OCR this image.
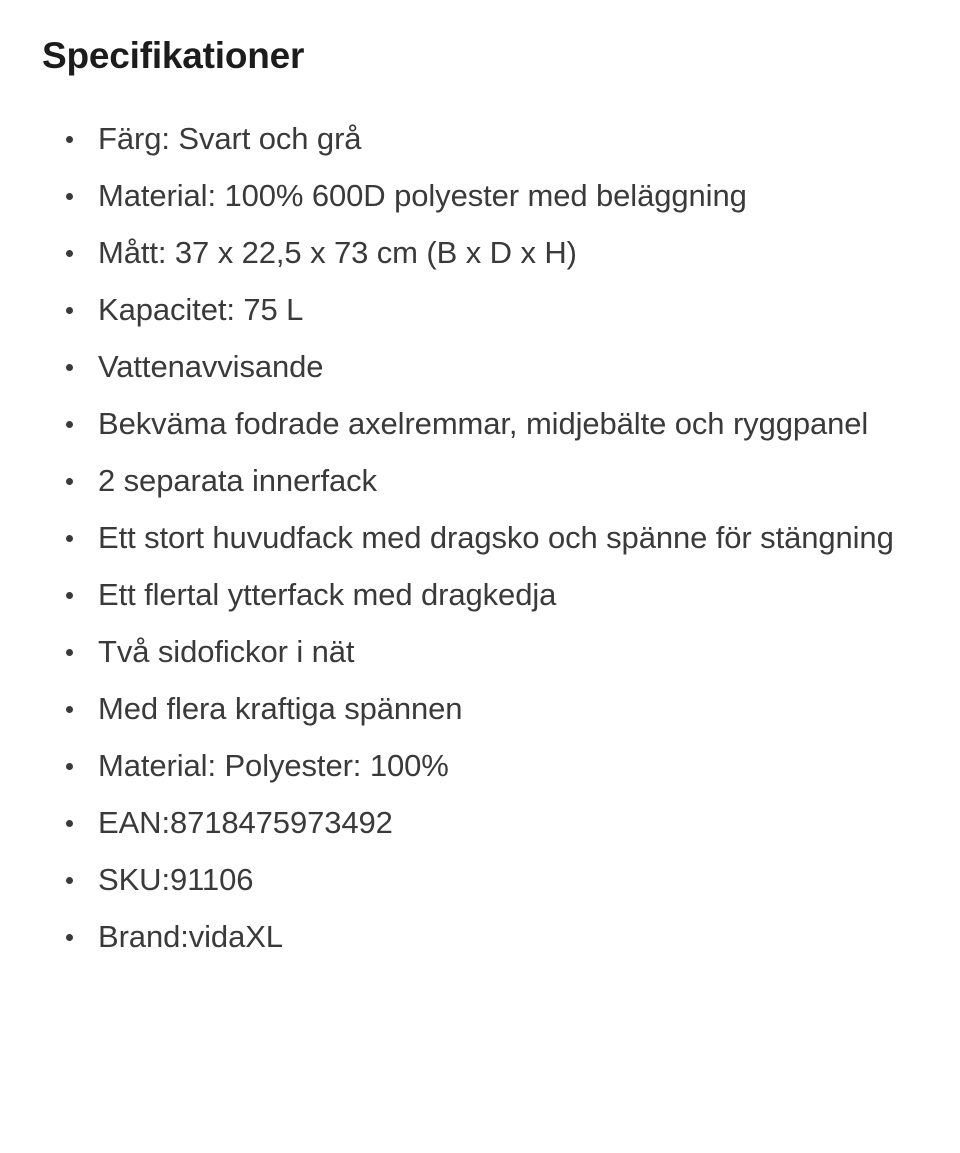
Specifikationer
Färg: Svart och grå
Material: 100% 600D polyester med beläggning
Mått: 37 x 22,5 x 73 cm (B x D x H)
Kapacitet: 75 L
Vattenavvisande
Bekväma fodrade axelremmar, midjebälte och ryggpanel
2 separata innerfack
Ett stort huvudfack med dragsko och spänne för stängning
Ett flertal ytterfack med dragkedja
Två sidofickor i nät
Med flera kraftiga spännen
Material: Polyester: 100%
EAN:8718475973492
SKU:91106
Brand:vidaXL
